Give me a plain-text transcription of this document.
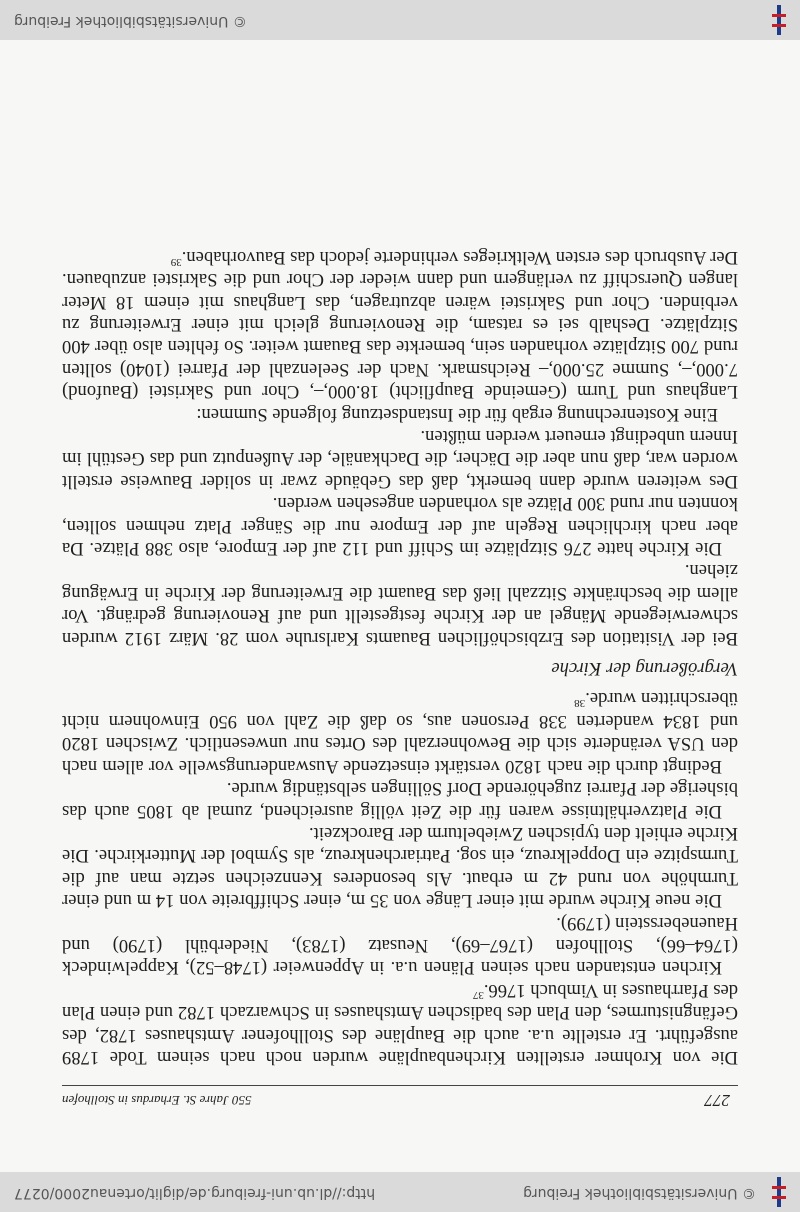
© Universitätsbibliothek Freiburg
http://dl.ub.uni-freiburg.de/diglit/ortenau2000/0277
277
550 Jahre St. Erhardus in Stollhofen

Die von Krohmer erstellten Kirchenbaupläne wurden noch nach seinem Tode 1789 ausgeführt. Er erstellte u.a. auch die Baupläne des Stollhofener Amtshauses 1782, des Gefängnisturmes, den Plan des badischen Amtshauses in Schwarzach 1782 und einen Plan des Pfarrhauses in Vimbuch 1766.37

Kirchen entstanden nach seinen Plänen u.a. in Appenweier (1748–52), Kappelwindeck (1764–66), Stollhofen (1767–69), Neusatz (1783), Niederbühl (1790) und Hauenebersstein (1799).

Die neue Kirche wurde mit einer Länge von 35 m, einer Schiffbreite von 14 m und einer Turmhöhe von rund 42 m erbaut. Als besonderes Kennzeichen setzte man auf die Turmspitze ein Doppelkreuz, ein sog. Patriarchenkreuz, als Symbol der Mutterkirche. Die Kirche erhielt den typischen Zwiebelturm der Barockzeit.

Die Platzverhältnisse waren für die Zeit völlig ausreichend, zumal ab 1805 auch das bisherige der Pfarrei zugehörende Dorf Söllingen selbständig wurde.

Bedingt durch die nach 1820 verstärkt einsetzende Auswanderungswelle vor allem nach den USA veränderte sich die Bewohnerzahl des Ortes nur unwesentlich. Zwischen 1820 und 1834 wanderten 338 Personen aus, so daß die Zahl von 950 Einwohnern nicht überschritten wurde.$^{38}$

Vergrößerung der Kirche

Bei der Visitation des Erzbischöflichen Bauamts Karlsruhe vom 28. März 1912 wurden schwerwiegende Mängel an der Kirche festgestellt und auf Renovierung gedrängt. Vor allem die beschränkte Sitzzahl ließ das Bauamt die Erweiterung der Kirche in Erwägung ziehen.

Die Kirche hatte 276 Sitzplätze im Schiff und 112 auf der Empore, also 388 Plätze. Da aber nach kirchlichen Regeln auf der Empore nur die Sänger Platz nehmen sollten, konnten nur rund 300 Plätze als vorhanden angesehen werden.

Des weiteren wurde dann bemerkt, daß das Gebäude zwar in solider Bauweise erstellt worden war, daß nun aber die Dächer, die Dachkanäle, der Außenputz und das Gestühl im Innern unbedingt erneuert werden müßten.

Eine Kostenrechnung ergab für die Instandsetzung folgende Summen:

Langhaus und Turm (Gemeinde Baupflicht) 18.000,–, Chor und Sakristei (Baufond) 7.000,–, Summe 25.000,– Reichsmark. Nach der Seelenzahl der Pfarrei (1040) sollten rund 700 Sitzplätze vorhanden sein, bemerkte das Bauamt weiter. So fehlten also über 400 Sitzplätze. Deshalb sei es ratsam, die Renovierung gleich mit einer Erweiterung zu verbinden. Chor und Sakristei wären abzutragen, das Langhaus mit einem 18 Meter langen Querschiff zu verlängern und dann wieder der Chor und die Sakristei anzubauen. Der Ausbruch des ersten Weltkrieges verhinderte jedoch das Bauvorhaben.$^{39}$

© Universitätsbibliothek Freiburg
